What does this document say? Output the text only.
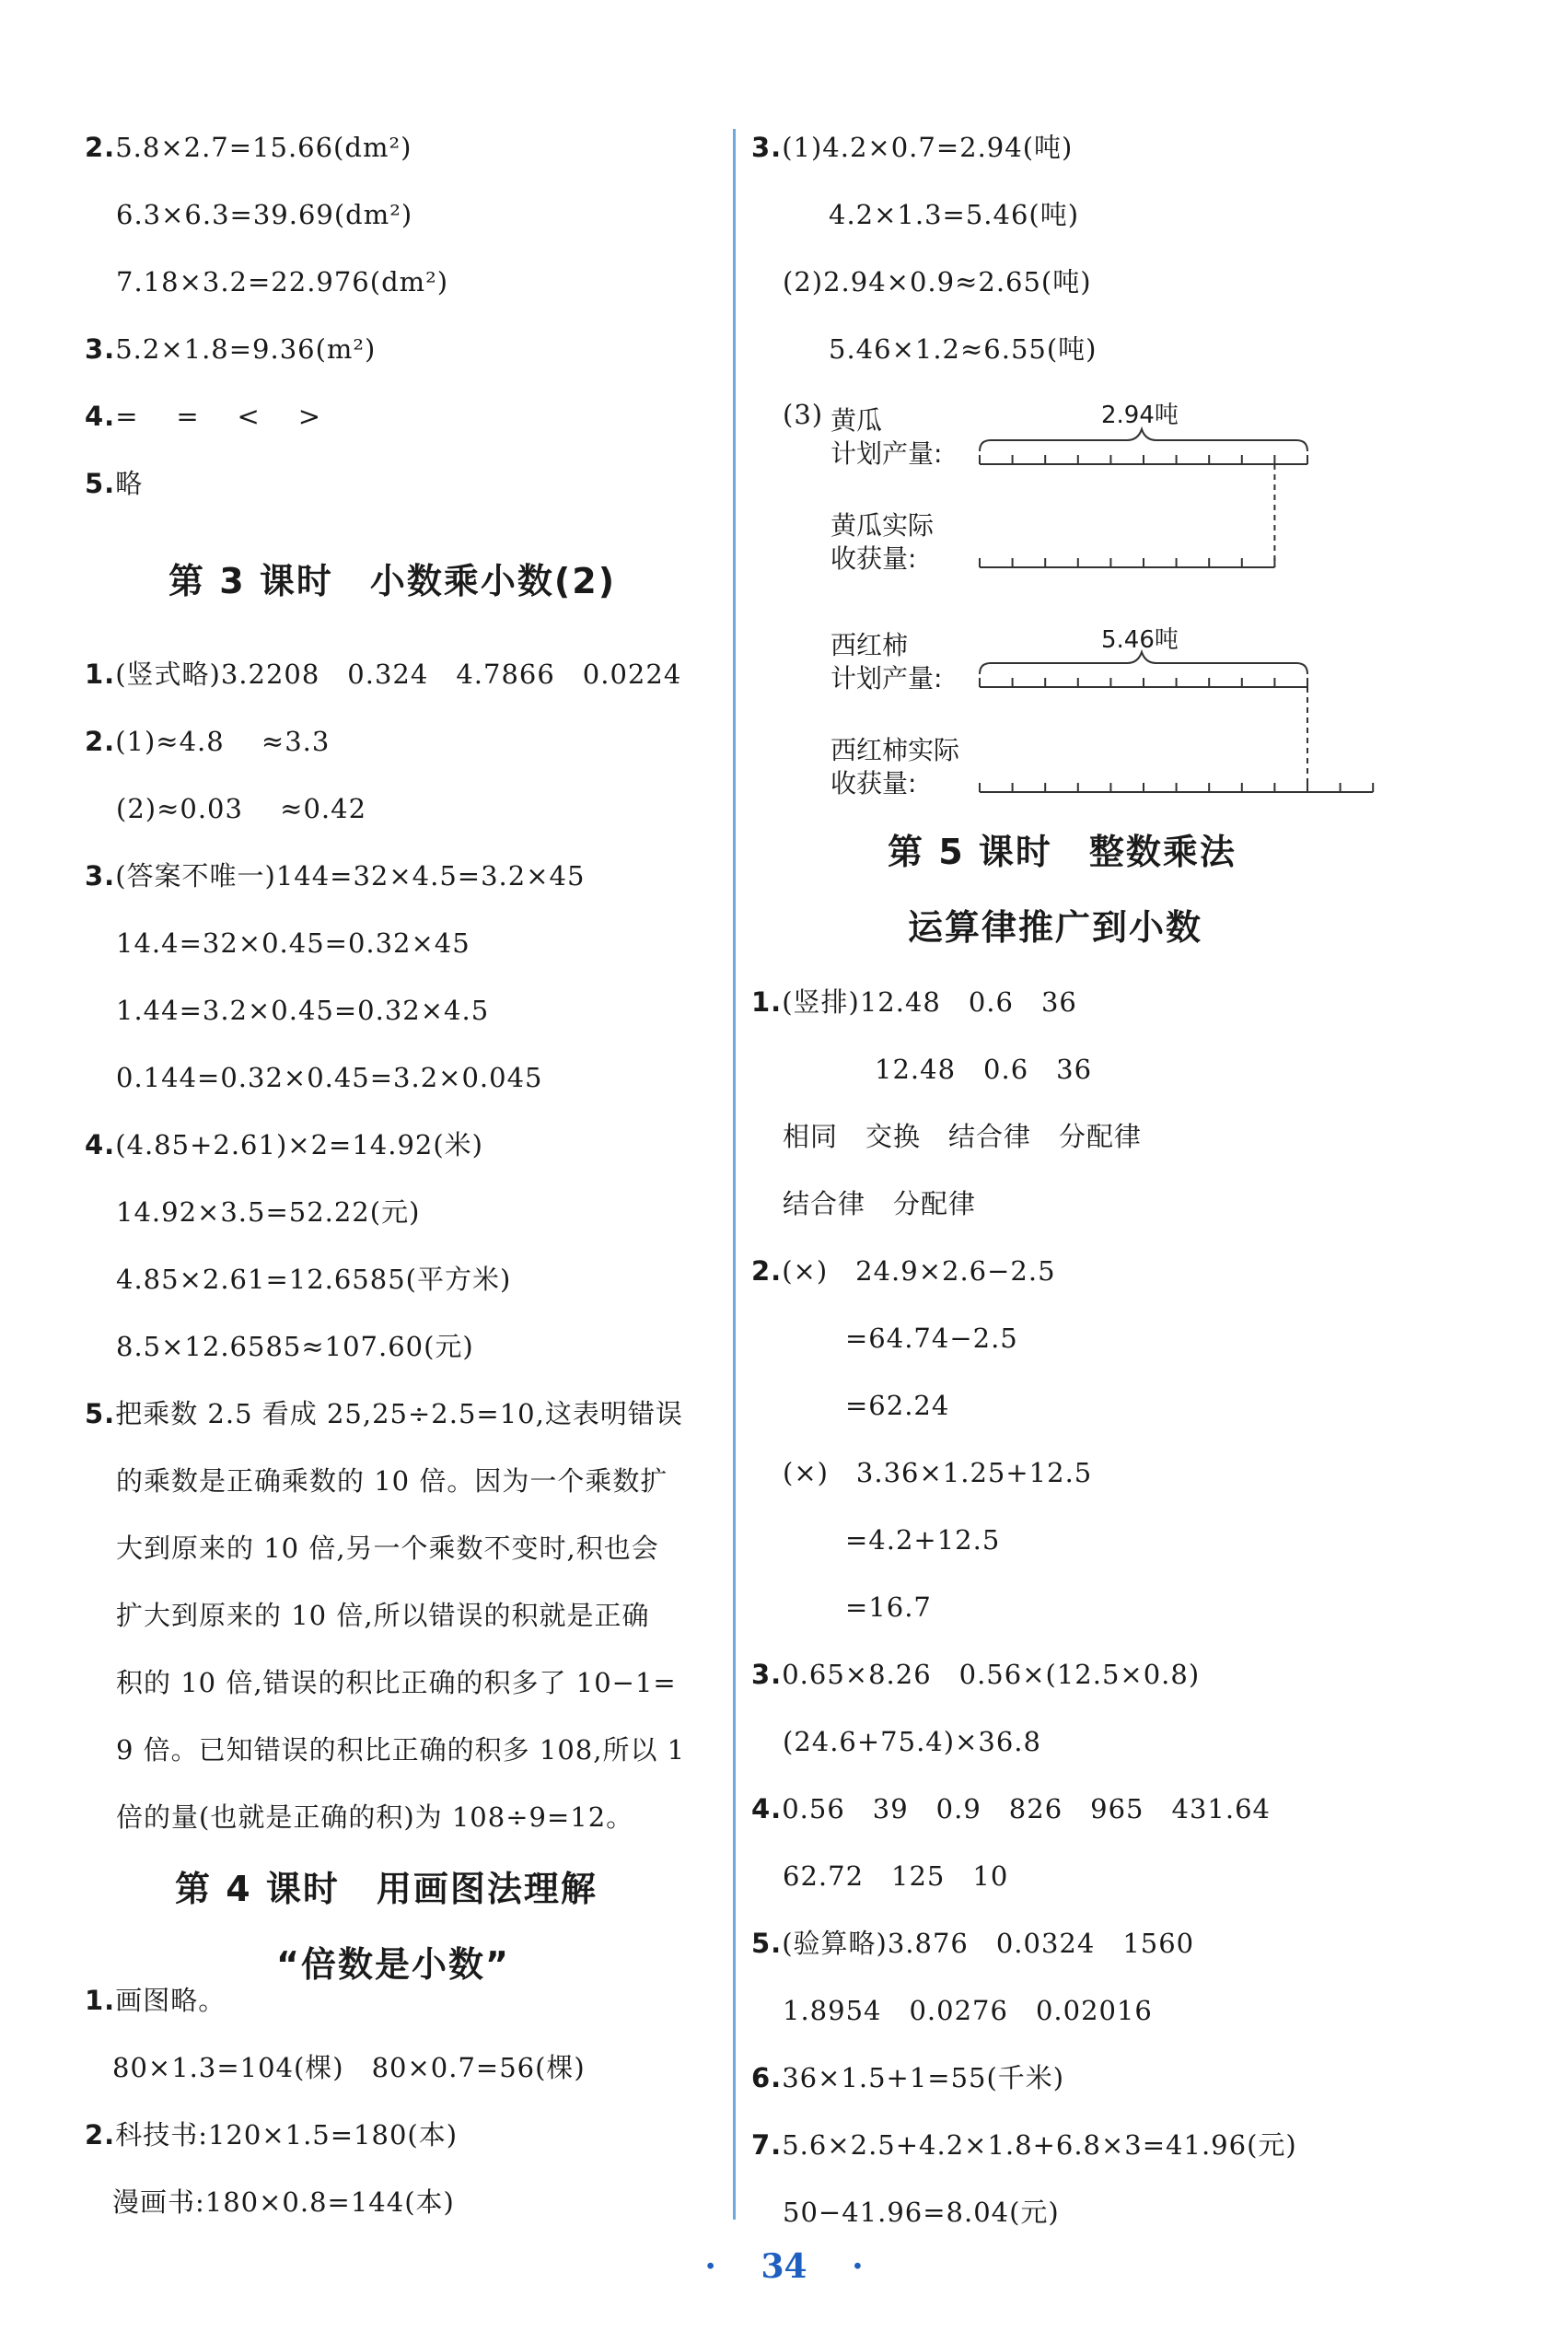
2.5.8×2.7=15.66(dm²)
6.3×6.3=39.69(dm²)
7.18×3.2=22.976(dm²)
3.5.2×1.8=9.36(m²)
4.=    =    <    >
5.略
第 3 课时　小数乘小数(2)
1.(竖式略)3.2208　0.324　4.7866　0.0224
2.(1)≈4.8　 ≈3.3
(2)≈0.03　 ≈0.42
3.(答案不唯一)144=32×4.5=3.2×45
14.4=32×0.45=0.32×45
1.44=3.2×0.45=0.32×4.5
0.144=0.32×0.45=3.2×0.045
4.(4.85+2.61)×2=14.92(米)
14.92×3.5=52.22(元)
4.85×2.61=12.6585(平方米)
8.5×12.6585≈107.60(元)
5.把乘数 2.5 看成 25,25÷2.5=10,这表明错误
的乘数是正确乘数的 10 倍。因为一个乘数扩
大到原来的 10 倍,另一个乘数不变时,积也会
扩大到原来的 10 倍,所以错误的积就是正确
积的 10 倍,错误的积比正确的积多了 10−1=
9 倍。已知错误的积比正确的积多 108,所以 1
倍的量(也就是正确的积)为 108÷9=12。
第 4 课时　用画图法理解
“倍数是小数”
1.画图略。
80×1.3=104(棵)　80×0.7=56(棵)
2.科技书:120×1.5=180(本)
漫画书:180×0.8=144(本)
3.(1)4.2×0.7=2.94(吨)
4.2×1.3=5.46(吨)
(2)2.94×0.9≈2.65(吨)
5.46×1.2≈6.55(吨)
(3) 黄瓜
计划产量:
2.94吨
黄瓜实际
收获量:
西红柿
计划产量:
5.46吨
西红柿实际
收获量:
第 5 课时　整数乘法
运算律推广到小数
1.(竖排)12.48　0.6　36
12.48　0.6　36
相同　交换　结合律　分配律
结合律　分配律
2.(×)　24.9×2.6−2.5
=64.74−2.5
=62.24
(×)　3.36×1.25+12.5
=4.2+12.5
=16.7
3.0.65×8.26　0.56×(12.5×0.8)
(24.6+75.4)×36.8
4.0.56　39　0.9　826　965　431.64
62.72　125　10
5.(验算略)3.876　0.0324　1560
1.8954　0.0276　0.02016
6.36×1.5+1=55(千米)
7.5.6×2.5+4.2×1.8+6.8×3=41.96(元)
50−41.96=8.04(元)
· 34 ·
